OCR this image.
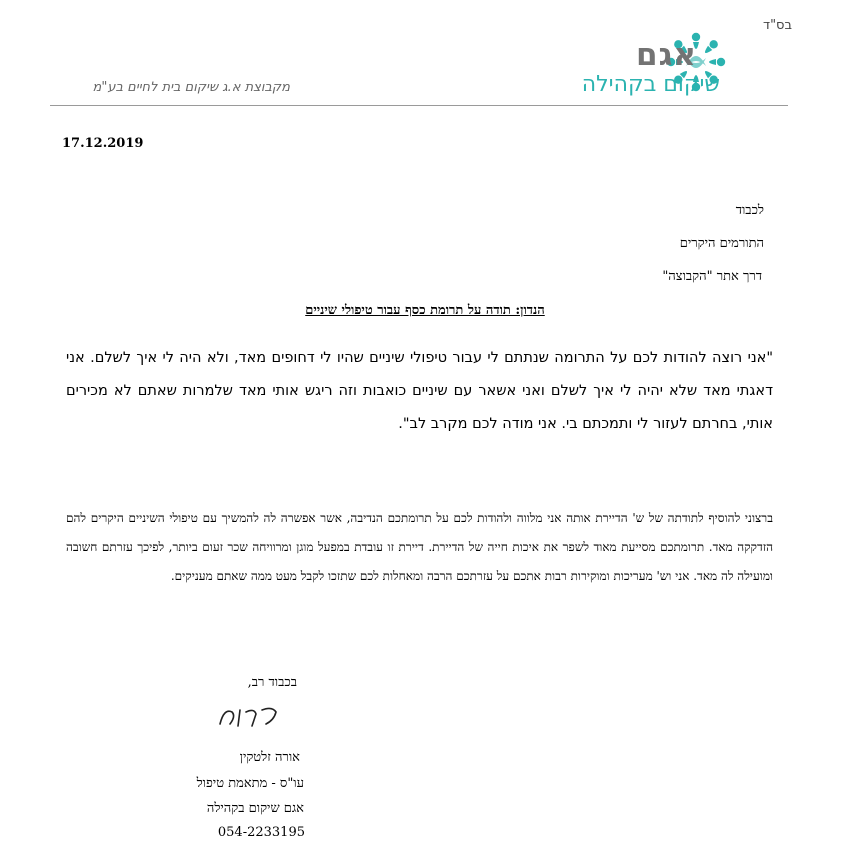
בס"ד
אגם
שיקום בקהילה
מקבוצת א.ג שיקום בית לחיים בע"מ
17.12.2019
לכבוד
התורמים היקרים
דרך אתר "הקבוצה"
הנדון: תודה על תרומת כסף עבור טיפולי שיניים
"אני רוצה להודות לכם על התרומה שנתתם לי עבור טיפולי שיניים שהיו לי דחופים מאד, ולא היה לי איך לשלם. אני דאגתי מאד שלא יהיה לי איך לשלם ואני אשאר עם שיניים כואבות וזה ריגש אותי מאד שלמרות שאתם לא מכירים אותי, בחרתם לעזור לי ותמכתם בי. אני מודה לכם מקרב לב".
ברצוני להוסיף לתודתה של ש' הדיירת אותה אני מלווה ולהודות לכם על תרומתכם הנדיבה, אשר אפשרה לה להמשיך עם טיפולי השיניים היקרים להם הזדקקה מאד. תרומתכם מסייעת מאוד לשפר את איכות חייה של הדיירת. דיירת זו עובדת במפעל מוגן ומרוויחה שכר זעום ביותר, לפיכך עזרתם חשובה ומועילה לה מאד. אני וש' מעריכות ומוקירות רבות אתכם על עזרתכם הרבה ומאחלות לכם שתזכו לקבל מעט ממה שאתם מעניקים.
בכבוד רב,
אורה זלטקין
עו"ס - מתאמת טיפול
אגם שיקום בקהילה
054-2233195
